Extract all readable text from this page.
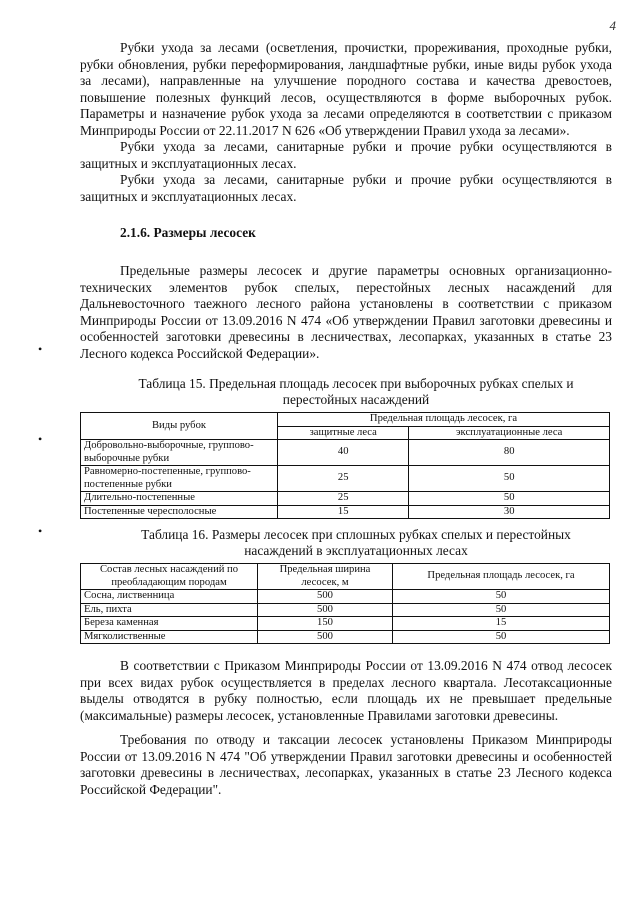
4
•
•
•

Рубки ухода за лесами (осветления, прочистки, прореживания, проходные рубки, рубки обновления, рубки переформирования, ландшафтные рубки, иные виды рубок ухода за лесами), направленные на улучшение породного состава и качества древостоев, повышение полезных функций лесов, осуществляются в форме выборочных рубок. Параметры и назначение рубок ухода за лесами определяются в соответствии с приказом Минприроды России от 22.11.2017 N 626 «Об утверждении Правил ухода за лесами».

Рубки ухода за лесами, санитарные рубки и прочие рубки осуществляются в защитных и эксплуатационных лесах.

Рубки ухода за лесами, санитарные рубки и прочие рубки осуществляются в защитных и эксплуатационных лесах.

2.1.6. Размеры лесосек

Предельные размеры лесосек и другие параметры основных организационно-технических элементов рубок спелых, перестойных лесных насаждений для Дальневосточного таежного лесного района установлены в соответствии с приказом Минприроды России от 13.09.2016 N 474 «Об утверждении Правил заготовки древесины и особенностей заготовки древесины в лесничествах, лесопарках, указанных в статье 23 Лесного кодекса Российской Федерации».

Таблица 15. Предельная площадь лесосек при выборочных рубках спелых и перестойных насаждений
Виды рубок	Предельная площадь лесосек, га	
	защитные леса	эксплуатационные леса
Добровольно-выборочные, группово-выборочные рубки	40	80
Равномерно-постепенные, группово-постепенные рубки	25	50
Длительно-постепенные	25	50
Постепенные чересполосные	15	30
Таблица 16. Размеры лесосек при сплошных рубках спелых и перестойных насаждений в эксплуатационных лесах
Состав лесных насаждений по преобладающим породам	Предельная ширина лесосек, м	Предельная площадь лесосек, га
Сосна, лиственница	500	50
Ель, пихта	500	50
Береза каменная	150	15
Мягколиственные	500	50

В соответствии с Приказом Минприроды России от 13.09.2016 N 474 отвод лесосек при всех видах рубок осуществляется в пределах лесного квартала. Лесотаксационные выделы отводятся в рубку полностью, если площадь их не превышает предельные (максимальные) размеры лесосек, установленные Правилами заготовки древесины.

Требования по отводу и таксации лесосек установлены Приказом Минприроды России от 13.09.2016 N 474 "Об утверждении Правил заготовки древесины и особенностей заготовки древесины в лесничествах, лесопарках, указанных в статье 23 Лесного кодекса Российской Федерации".
